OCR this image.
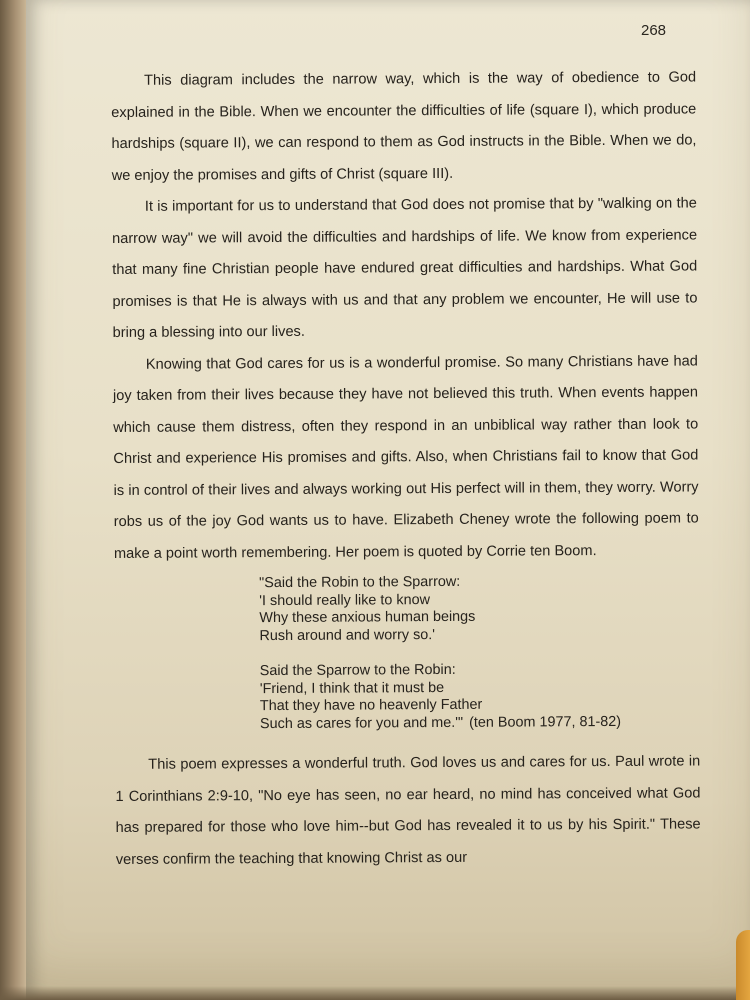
268

This diagram includes the narrow way, which is the way of obedience to God explained in the Bible. When we encounter the difficulties of life (square I), which produce hardships (square II), we can respond to them as God instructs in the Bible. When we do, we enjoy the promises and gifts of Christ (square III).

It is important for us to understand that God does not promise that by "walking on the narrow way" we will avoid the difficulties and hardships of life. We know from experience that many fine Christian people have endured great difficulties and hardships. What God promises is that He is always with us and that any problem we encounter, He will use to bring a blessing into our lives.

Knowing that God cares for us is a wonderful promise. So many Christians have had joy taken from their lives because they have not believed this truth. When events happen which cause them distress, often they respond in an unbiblical way rather than look to Christ and experience His promises and gifts. Also, when Christians fail to know that God is in control of their lives and always working out His perfect will in them, they worry. Worry robs us of the joy God wants us to have. Elizabeth Cheney wrote the following poem to make a point worth remembering. Her poem is quoted by Corrie ten Boom.

"Said the Robin to the Sparrow:
'I should really like to know
Why these anxious human beings
Rush around and worry so.'
Said the Sparrow to the Robin:
'Friend, I think that it must be
That they have no heavenly Father
Such as cares for you and me.'" (ten Boom 1977, 81-82)

This poem expresses a wonderful truth. God loves us and cares for us. Paul wrote in 1 Corinthians 2:9-10, "No eye has seen, no ear heard, no mind has conceived what God has prepared for those who love him--but God has revealed it to us by his Spirit." These verses confirm the teaching that knowing Christ as our
